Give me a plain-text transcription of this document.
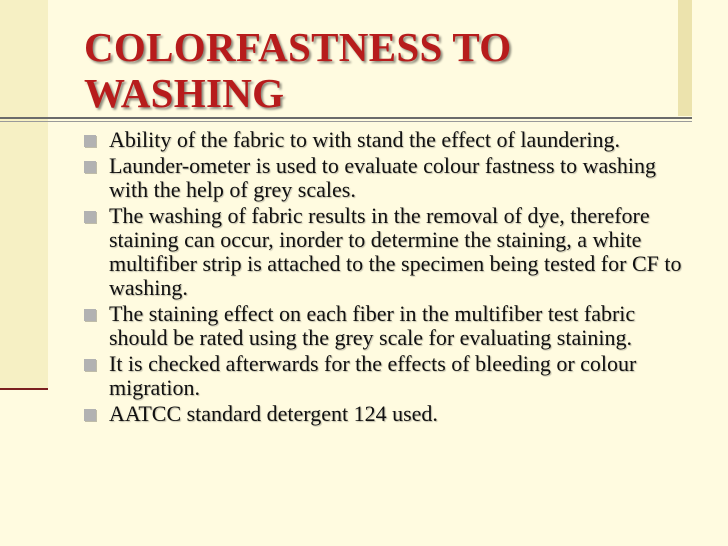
COLORFASTNESS TO
WASHING
Ability of the fabric to with stand the effect of laundering.
Launder-ometer is used to evaluate colour fastness to washing with the help of grey scales.
The washing of fabric results in the removal of dye, therefore staining can occur, inorder to determine the staining, a white multifiber strip is attached to the specimen being tested for CF to washing.
The staining effect on each fiber in the multifiber test fabric should be rated using the grey scale for evaluating staining.
It is checked afterwards for the effects of bleeding or colour migration.
AATCC standard detergent 124 used.
